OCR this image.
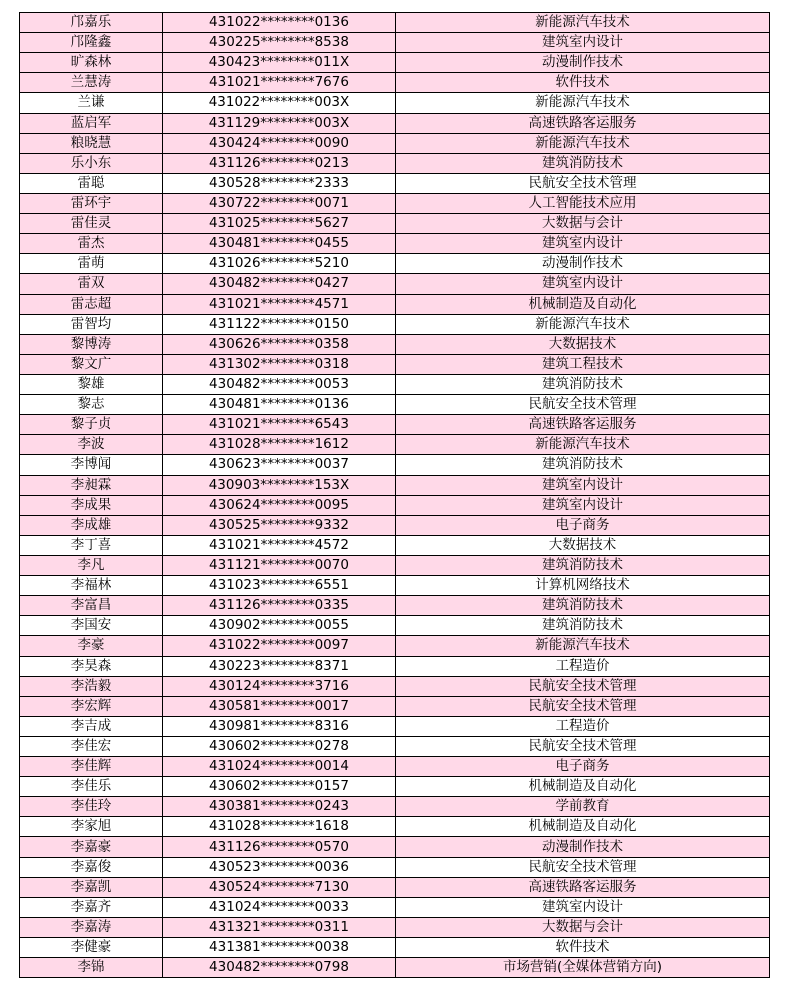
邝嘉乐	431022********0136	新能源汽车技术
邝隆鑫	430225********8538	建筑室内设计
旷森林	430423********011X	动漫制作技术
兰慧涛	431021********7676	软件技术
兰谦	431022********003X	新能源汽车技术
蓝启军	431129********003X	高速铁路客运服务
粮晓慧	430424********0090	新能源汽车技术
乐小东	431126********0213	建筑消防技术
雷聪	430528********2333	民航安全技术管理
雷环宇	430722********0071	人工智能技术应用
雷佳灵	431025********5627	大数据与会计
雷杰	430481********0455	建筑室内设计
雷萌	431026********5210	动漫制作技术
雷双	430482********0427	建筑室内设计
雷志超	431021********4571	机械制造及自动化
雷智均	431122********0150	新能源汽车技术
黎博涛	430626********0358	大数据技术
黎文广	431302********0318	建筑工程技术
黎雄	430482********0053	建筑消防技术
黎志	430481********0136	民航安全技术管理
黎子贞	431021********6543	高速铁路客运服务
李波	431028********1612	新能源汽车技术
李博闻	430623********0037	建筑消防技术
李昶霖	430903********153X	建筑室内设计
李成果	430624********0095	建筑室内设计
李成雄	430525********9332	电子商务
李丁喜	431021********4572	大数据技术
李凡	431121********0070	建筑消防技术
李福林	431023********6551	计算机网络技术
李富昌	431126********0335	建筑消防技术
李国安	430902********0055	建筑消防技术
李豪	431022********0097	新能源汽车技术
李昊森	430223********8371	工程造价
李浩毅	430124********3716	民航安全技术管理
李宏辉	430581********0017	民航安全技术管理
李吉成	430981********8316	工程造价
李佳宏	430602********0278	民航安全技术管理
李佳辉	431024********0014	电子商务
李佳乐	430602********0157	机械制造及自动化
李佳玲	430381********0243	学前教育
李家旭	431028********1618	机械制造及自动化
李嘉豪	431126********0570	动漫制作技术
李嘉俊	430523********0036	民航安全技术管理
李嘉凯	430524********7130	高速铁路客运服务
李嘉齐	431024********0033	建筑室内设计
李嘉涛	431321********0311	大数据与会计
李健豪	431381********0038	软件技术
李锦	430482********0798	市场营销(全媒体营销方向)
